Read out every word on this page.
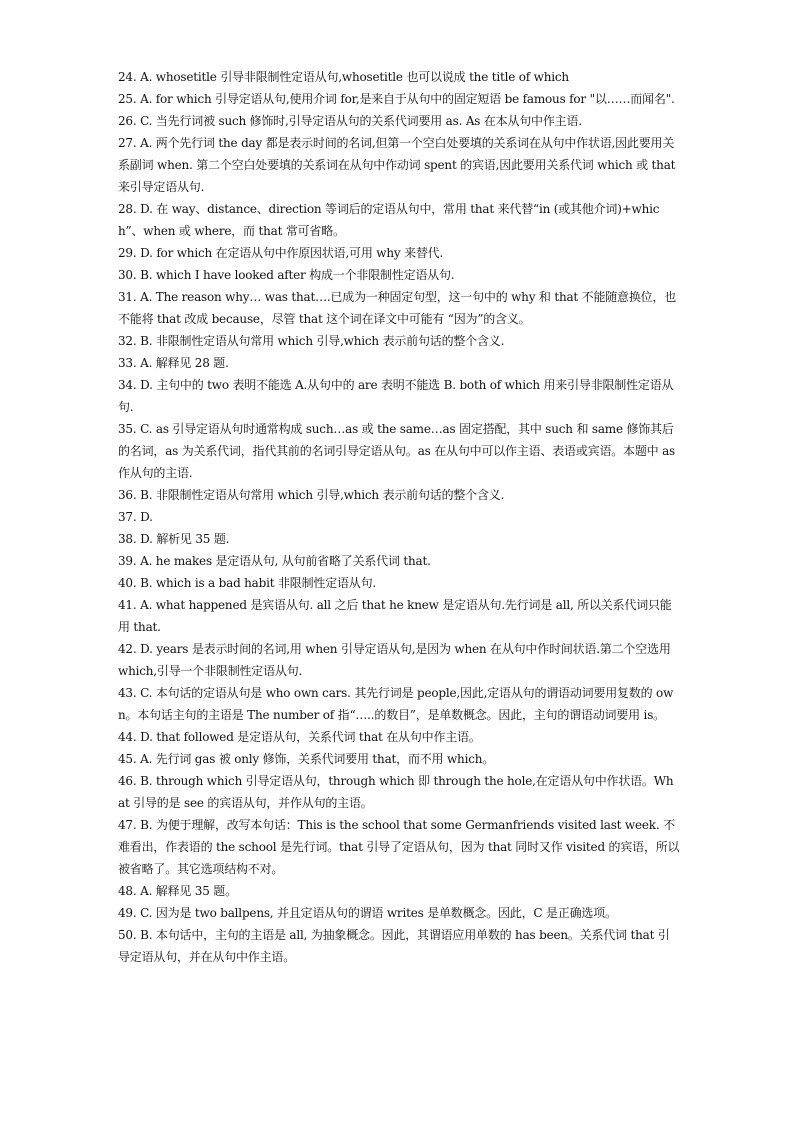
24. A. whosetitle 引导非限制性定语从句,whosetitle 也可以说成 the title of which
25. A. for which 引导定语从句,使用介词 for,是来自于从句中的固定短语 be famous for "以……而闻名".
26. C. 当先行词被 such 修饰时,引导定语从句的关系代词要用 as. As 在本从句中作主语.
27. A. 两个先行词 the day 都是表示时间的名词,但第一个空白处要填的关系词在从句中作状语,因此要用关系副词 when. 第二个空白处要填的关系词在从句中作动词 spent 的宾语,因此要用关系代词 which 或 that 来引导定语从句.
28. D. 在 way、distance、direction 等词后的定语从句中，常用 that 来代替“in (或其他介词)+which”、when 或 where，而 that 常可省略。
29. D. for which 在定语从句中作原因状语,可用 why 来替代.
30. B. which I have looked after 构成一个非限制性定语从句.
31. A. The reason why… was that….已成为一种固定句型，这一句中的 why 和 that 不能随意换位，也不能将 that 改成 because，尽管 that 这个词在译文中可能有 “因为”的含义。
32. B. 非限制性定语从句常用 which 引导,which 表示前句话的整个含义.
33. A. 解释见 28 题.
34. D. 主句中的 two 表明不能选 A.从句中的 are 表明不能选 B. both of which 用来引导非限制性定语从句.
35. C. as 引导定语从句时通常构成 such…as 或 the same…as 固定搭配，其中 such 和 same 修饰其后的名词，as 为关系代词，指代其前的名词引导定语从句。as 在从句中可以作主语、表语或宾语。本题中 as 作从句的主语.
36. B. 非限制性定语从句常用 which 引导,which 表示前句话的整个含义.
37. D.
38. D. 解析见 35 题.
39. A. he makes 是定语从句, 从句前省略了关系代词 that.
40. B. which is a bad habit 非限制性定语从句.
41. A. what happened 是宾语从句. all 之后 that he knew 是定语从句.先行词是 all, 所以关系代词只能用 that.
42. D. years 是表示时间的名词,用 when 引导定语从句,是因为 when 在从句中作时间状语.第二个空选用 which,引导一个非限制性定语从句.
43. C. 本句话的定语从句是 who own cars. 其先行词是 people,因此,定语从句的谓语动词要用复数的 own。本句话主句的主语是 The number of 指“…..的数目”，是单数概念。因此，主句的谓语动词要用 is。
44. D. that followed 是定语从句，关系代词 that 在从句中作主语。
45. A. 先行词 gas 被 only 修饰，关系代词要用 that，而不用 which。
46. B. through which 引导定语从句，through which 即 through the hole,在定语从句中作状语。What 引导的是 see 的宾语从句，并作从句的主语。
47. B. 为便于理解，改写本句话：This is the school that some Germanfriends visited last week. 不难看出，作表语的 the school 是先行词。that 引导了定语从句，因为 that 同时又作 visited 的宾语，所以被省略了。其它选项结构不对。
48. A. 解释见 35 题。
49. C. 因为是 two ballpens, 并且定语从句的谓语 writes 是单数概念。因此，C 是正确选项。
50. B. 本句话中，主句的主语是 all, 为抽象概念。因此，其谓语应用单数的 has been。关系代词 that 引导定语从句，并在从句中作主语。
